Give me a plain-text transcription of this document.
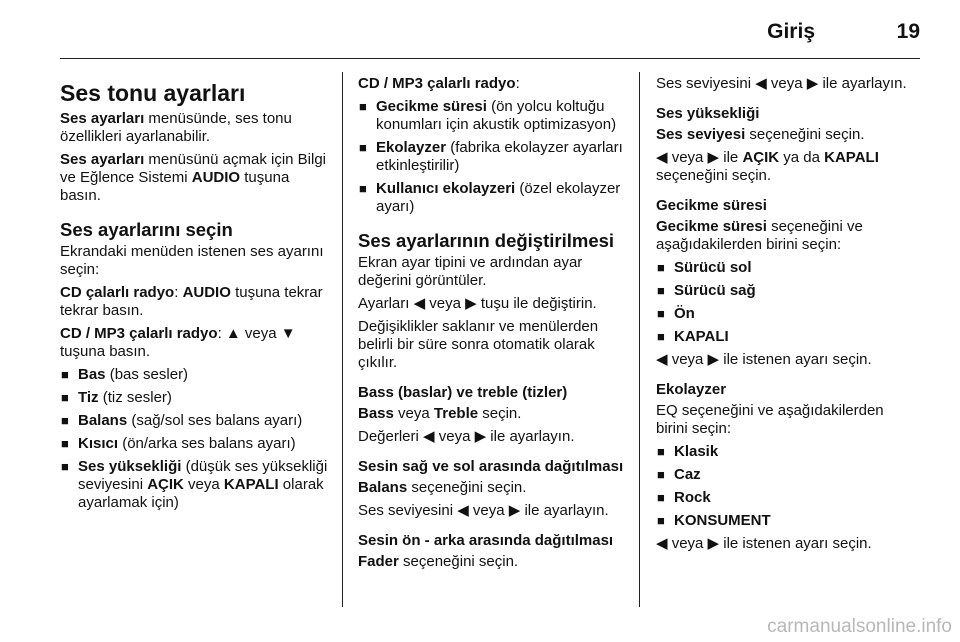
Giriş	19
Ses tonu ayarları

Ses ayarları menüsünde, ses tonu özellikleri ayarlanabilir.

Ses ayarları menüsünü açmak için Bilgi ve Eğlence Sistemi AUDIO tuşuna basın.

Ses ayarlarını seçin

Ekrandaki menüden istenen ses ayarını seçin:

CD çalarlı radyo: AUDIO tuşuna tekrar tekrar basın.

CD / MP3 çalarlı radyo: ▲ veya ▼ tuşuna basın.

■ Bas (bas sesler)
■ Tiz (tiz sesler)
■ Balans (sağ/sol ses balans ayarı)
■ Kısıcı (ön/arka ses balans ayarı)
■ Ses yüksekliği (düşük ses yüksekliği seviyesini AÇIK veya KAPALI olarak ayarlamak için)

CD / MP3 çalarlı radyo:

■ Gecikme süresi (ön yolcu koltuğu konumları için akustik optimizasyon)
■ Ekolayzer (fabrika ekolayzer ayarları etkinleştirilir)
■ Kullanıcı ekolayzeri (özel ekolayzer ayarı)
Ses ayarlarının değiştirilmesi

Ekran ayar tipini ve ardından ayar değerini görüntüler.

Ayarları ◀ veya ▶ tuşu ile değiştirin.

Değişiklikler saklanır ve menülerden belirli bir süre sonra otomatik olarak çıkılır.

Bass (baslar) ve treble (tizler)

Bass veya Treble seçin.

Değerleri ◀ veya ▶ ile ayarlayın.

Sesin sağ ve sol arasında dağıtılması

Balans seçeneğini seçin.

Ses seviyesini ◀ veya ▶ ile ayarlayın.

Sesin ön - arka arasında dağıtılması

Fader seçeneğini seçin.

Ses seviyesini ◀ veya ▶ ile ayarlayın.

Ses yüksekliği

Ses seviyesi seçeneğini seçin.

◀ veya ▶ ile AÇIK ya da KAPALI seçeneğini seçin.

Gecikme süresi

Gecikme süresi seçeneğini ve aşağıdakilerden birini seçin:

■ Sürücü sol
■ Sürücü sağ
■ Ön
■ KAPALI

◀ veya ▶ ile istenen ayarı seçin.

Ekolayzer

EQ seçeneğini ve aşağıdakilerden birini seçin:

■ Klasik
■ Caz
■ Rock
■ KONSUMENT

◀ veya ▶ ile istenen ayarı seçin.

carmanualsonline.info
